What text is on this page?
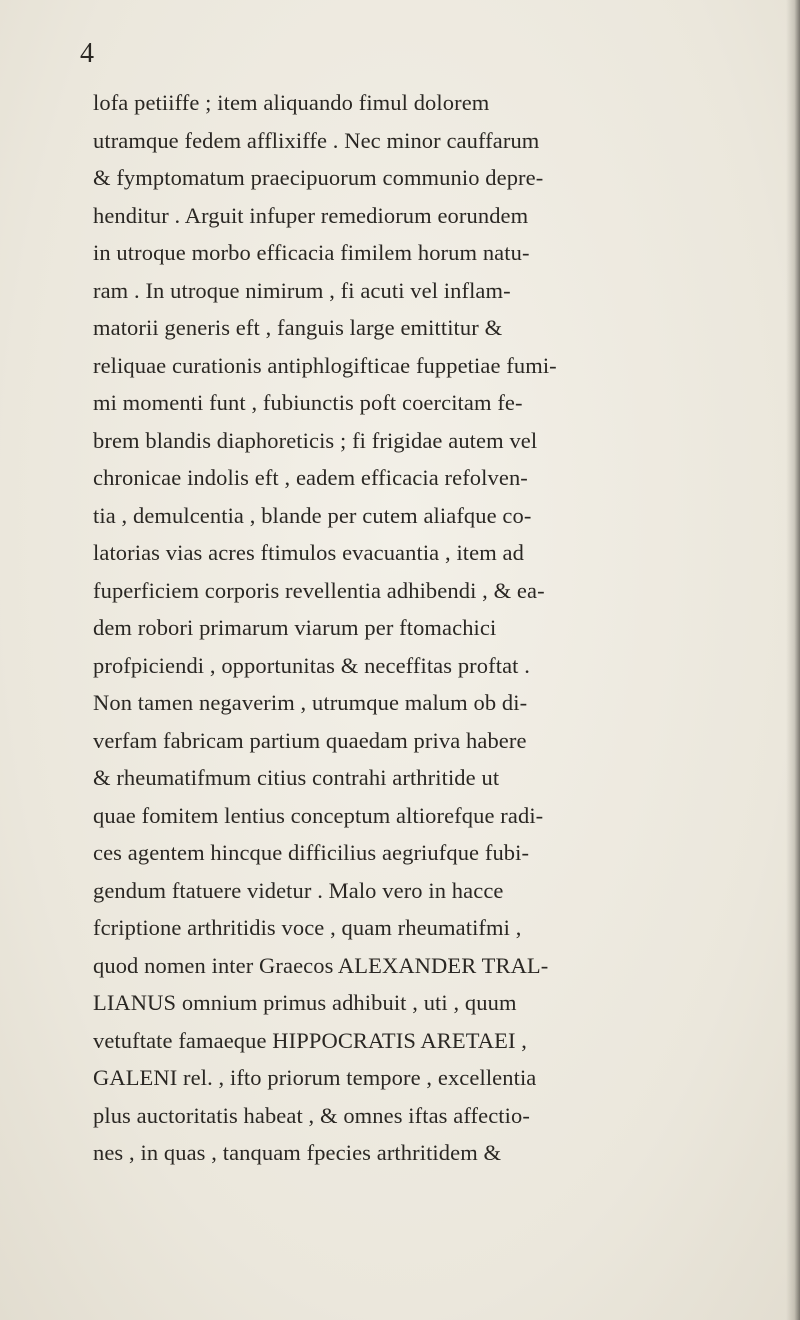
4
lofa petiiffe ; item aliquando fimul dolorem
utramque fedem afflixiffe . Nec minor cauffarum
& fymptomatum praecipuorum communio depre-
henditur . Arguit infuper remediorum eorundem
in utroque morbo efficacia fimilem horum natu-
ram . In utroque nimirum , fi acuti vel inflam-
matorii generis eft , fanguis large emittitur &
reliquae curationis antiphlogifticae fuppetiae fumi-
mi momenti funt , fubiunctis poft coercitam fe-
brem blandis diaphoreticis ; fi frigidae autem vel
chronicae indolis eft , eadem efficacia refolven-
tia , demulcentia , blande per cutem aliafque co-
latorias vias acres ftimulos evacuantia , item ad
fuperficiem corporis revellentia adhibendi , & ea-
dem robori primarum viarum per ftomachici
profpiciendi , opportunitas & neceffitas proftat .
Non tamen negaverim , utrumque malum ob di-
verfam fabricam partium quaedam priva habere
& rheumatifmum citius contrahi arthritide ut
quae fomitem lentius conceptum altiorefque radi-
ces agentem hincque difficilius aegriufque fubi-
gendum ftatuere videtur . Malo vero in hacce
fcriptione arthritidis voce , quam rheumatifmi ,
quod nomen inter Graecos ALEXANDER TRAL-
LIANUS omnium primus adhibuit , uti , quum
vetuftate famaeque HIPPOCRATIS ARETAEI ,
GALENI rel. , ifto priorum tempore , excellentia
plus auctoritatis habeat , & omnes iftas affectio-
nes , in quas , tanquam fpecies arthritidem &
